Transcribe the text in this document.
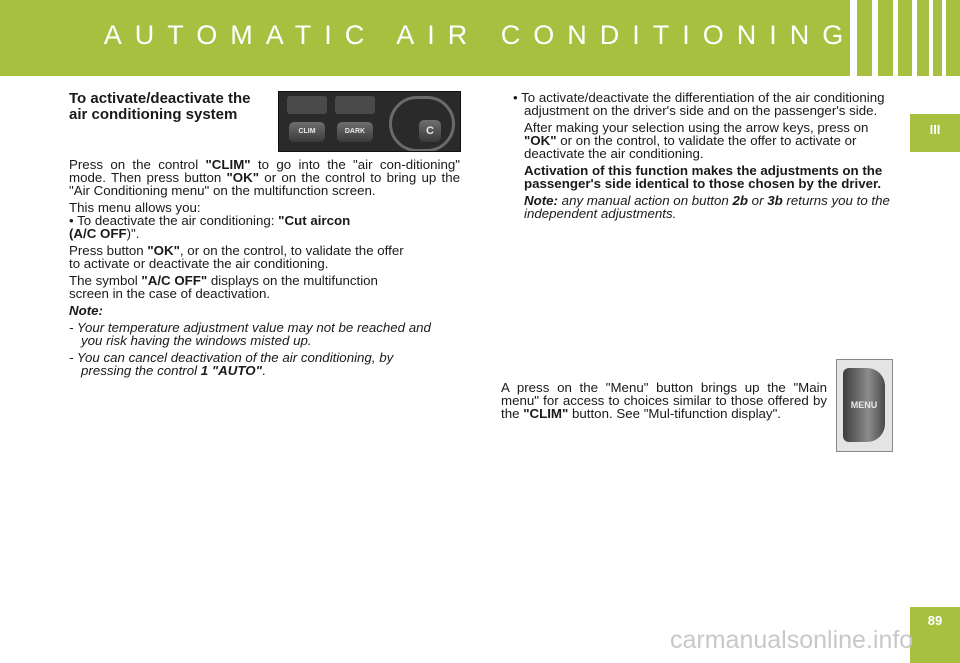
AUTOMATIC AIR CONDITIONING
III
89

To activate/deactivate the air conditioning system

CLIM	DARK	C

Press on the control "CLIM" to go into the "air con-ditioning" mode. Then press button "OK" or on the control to bring up the "Air Conditioning menu" on the multifunction screen.

This menu allows you:

• To deactivate the air conditioning: "Cut aircon

(A/C OFF)".

Press button "OK", or on the control, to validate the offer to activate or deactivate the air conditioning.

The symbol "A/C OFF" displays on the multifunction screen in the case of deactivation.

Note:

- Your temperature adjustment value may not be reached and you risk having the windows misted up.

- You can cancel deactivation of the air conditioning, by pressing the control 1 "AUTO".

• To activate/deactivate the differentiation of the air conditioning adjustment on the driver's side and on the passenger's side.

After making your selection using the arrow keys, press on "OK" or on the control, to validate the offer to activate or deactivate the air conditioning.

Activation of this function makes the adjustments on the passenger's side identical to those chosen by the driver.

Note: any manual action on button 2b or 3b returns you to the independent adjustments.

A press on the "Menu" button brings up the "Main menu" for access to choices similar to those offered by the "CLIM" button. See "Mul-tifunction display".

MENU
carmanualsonline.info
